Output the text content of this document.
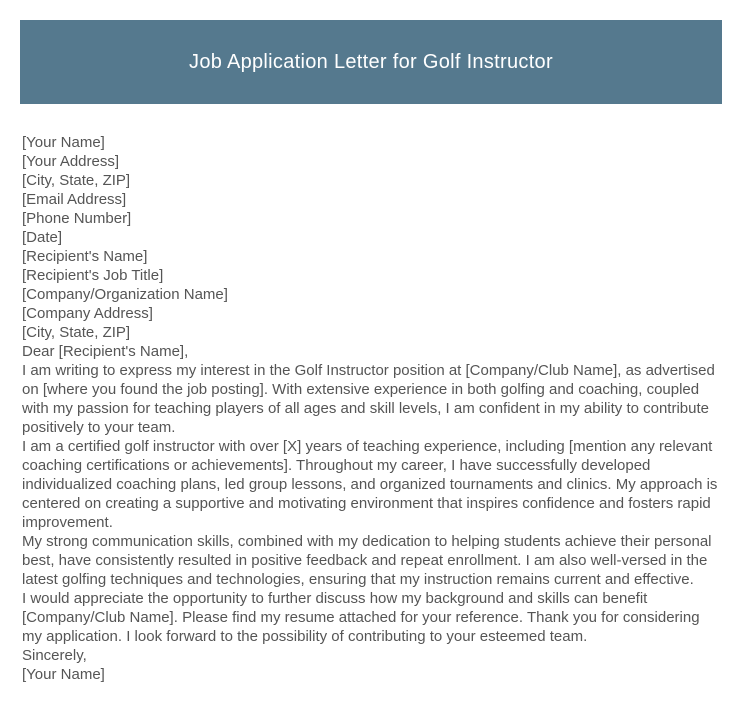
Job Application Letter for Golf Instructor
[Your Name]
[Your Address]
[City, State, ZIP]
[Email Address]
[Phone Number]
[Date]
[Recipient's Name]
[Recipient's Job Title]
[Company/Organization Name]
[Company Address]
[City, State, ZIP]
Dear [Recipient's Name],

I am writing to express my interest in the Golf Instructor position at [Company/Club Name], as advertised on [where you found the job posting]. With extensive experience in both golfing and coaching, coupled with my passion for teaching players of all ages and skill levels, I am confident in my ability to contribute positively to your team.

I am a certified golf instructor with over [X] years of teaching experience, including [mention any relevant coaching certifications or achievements]. Throughout my career, I have successfully developed individualized coaching plans, led group lessons, and organized tournaments and clinics. My approach is centered on creating a supportive and motivating environment that inspires confidence and fosters rapid improvement.

My strong communication skills, combined with my dedication to helping students achieve their personal best, have consistently resulted in positive feedback and repeat enrollment. I am also well-versed in the latest golfing techniques and technologies, ensuring that my instruction remains current and effective.

I would appreciate the opportunity to further discuss how my background and skills can benefit [Company/Club Name]. Please find my resume attached for your reference. Thank you for considering my application. I look forward to the possibility of contributing to your esteemed team.

Sincerely,
[Your Name]
